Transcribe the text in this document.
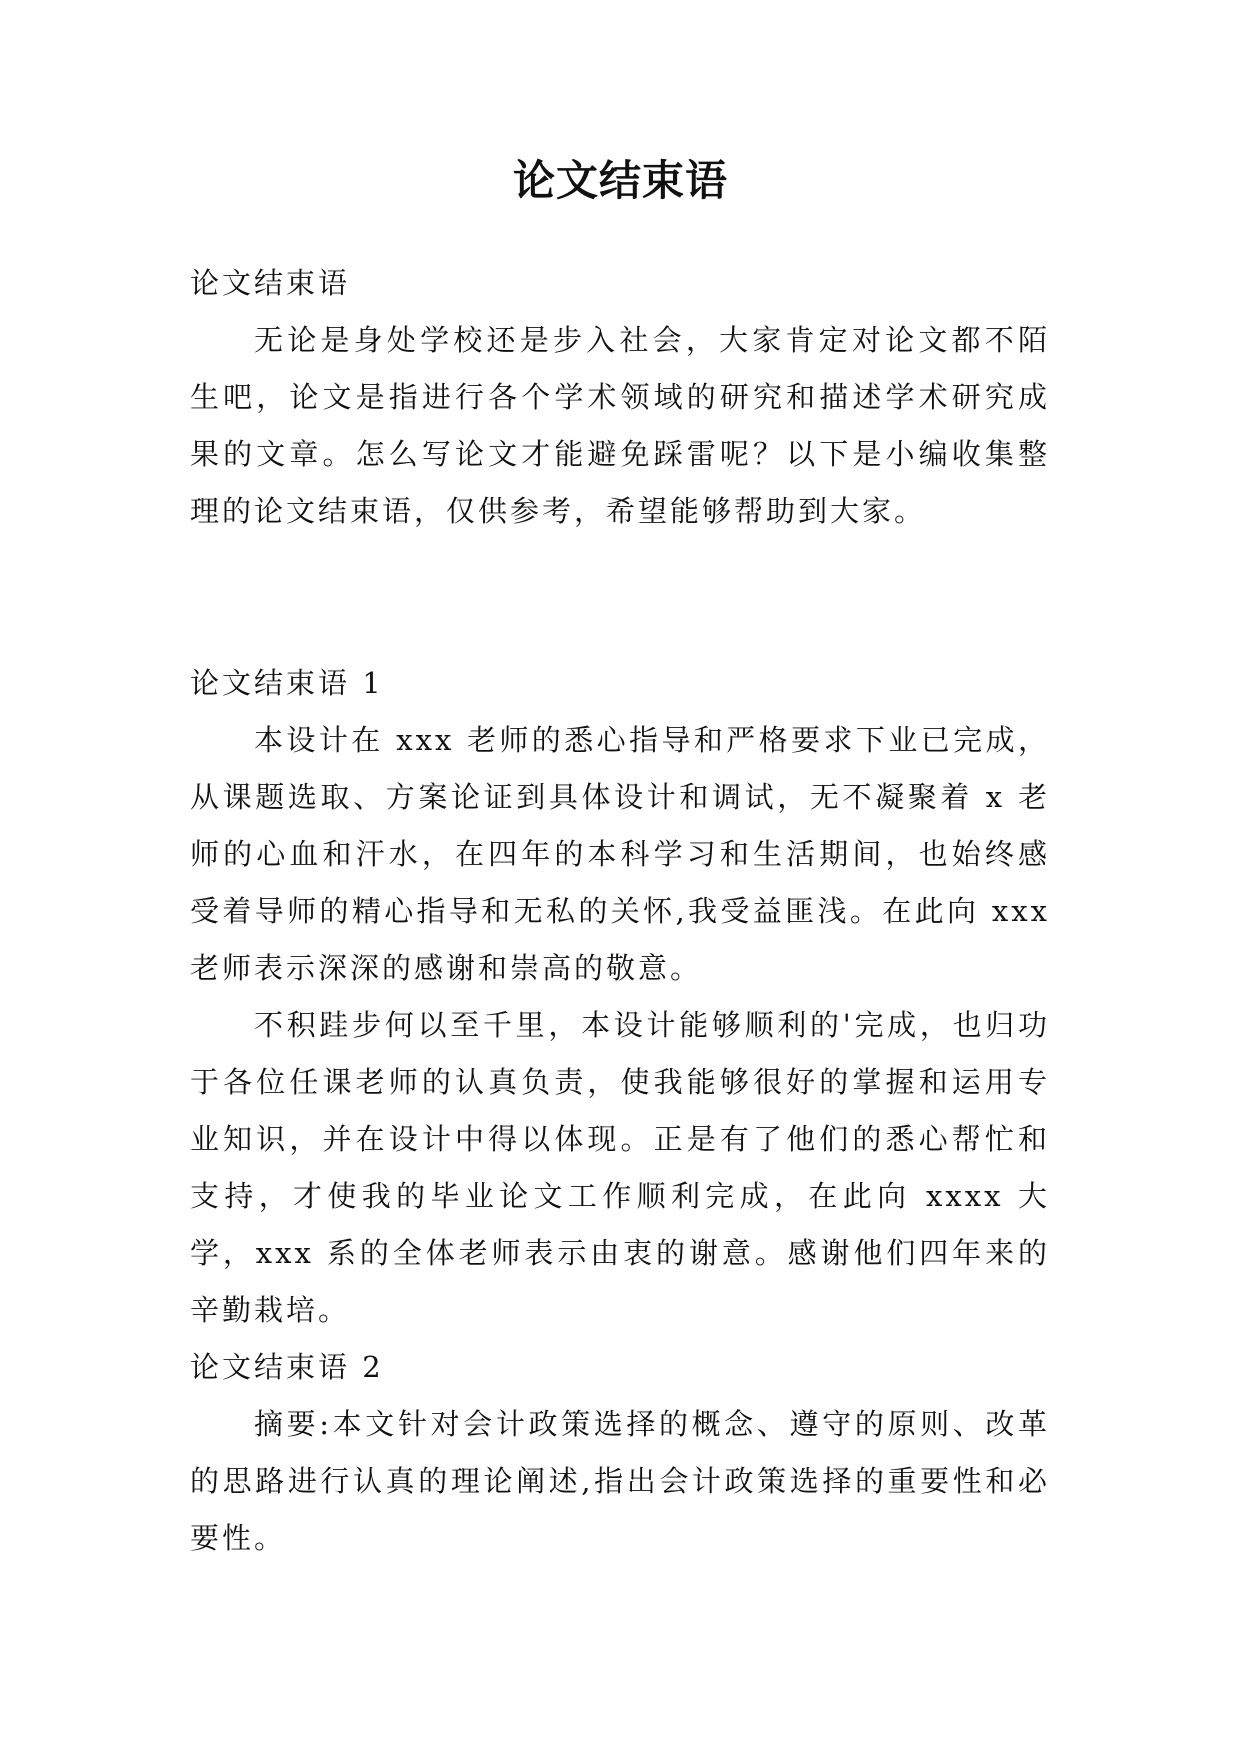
论文结束语

论文结束语

无论是身处学校还是步入社会，大家肯定对论文都不陌生吧，论文是指进行各个学术领域的研究和描述学术研究成果的文章。怎么写论文才能避免踩雷呢？以下是小编收集整理的论文结束语，仅供参考，希望能够帮助到大家。

论文结束语 1

本设计在 xxx 老师的悉心指导和严格要求下业已完成，从课题选取、方案论证到具体设计和调试，无不凝聚着 x 老师的心血和汗水，在四年的本科学习和生活期间，也始终感受着导师的精心指导和无私的关怀,我受益匪浅。在此向 xxx 老师表示深深的感谢和崇高的敬意。

不积跬步何以至千里，本设计能够顺利的'完成，也归功于各位任课老师的认真负责，使我能够很好的掌握和运用专业知识，并在设计中得以体现。正是有了他们的悉心帮忙和支持，才使我的毕业论文工作顺利完成，在此向 xxxx 大学，xxx 系的全体老师表示由衷的谢意。感谢他们四年来的辛勤栽培。

论文结束语 2

摘要:本文针对会计政策选择的概念、遵守的原则、改革的思路进行认真的理论阐述,指出会计政策选择的重要性和必要性。
